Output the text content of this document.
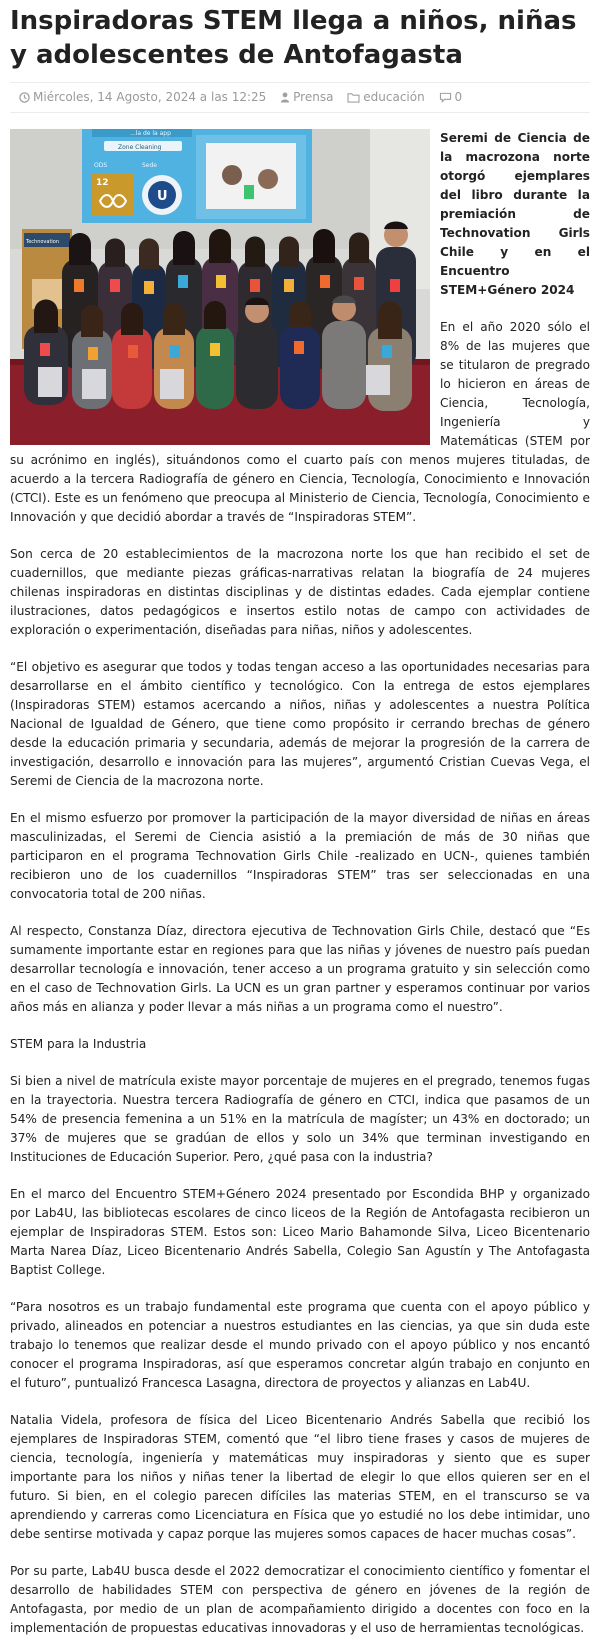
Inspiradoras STEM llega a niños, niñas y adolescentes de Antofagasta
Miércoles, 14 Agosto, 2024 a las 12:25 Prensa educación 0
...la de la app
Zone Cleaning
ODS	Sede
12
U
Technovation

Seremi de Ciencia de la macrozona norte otorgó ejemplares del libro durante la premiación de Technovation Girls Chile y en el Encuentro STEM+Género 2024

En el año 2020 sólo el 8% de las mujeres que se titularon de pregrado lo hicieron en áreas de Ciencia, Tecnología, Ingeniería y Matemáticas (STEM por su acrónimo en inglés), situándonos como el cuarto país con menos mujeres tituladas, de acuerdo a la tercera Radiografía de género en Ciencia, Tecnología, Conocimiento e Innovación (CTCI). Este es un fenómeno que preocupa al Ministerio de Ciencia, Tecnología, Conocimiento e Innovación y que decidió abordar a través de “Inspiradoras STEM”.

Son cerca de 20 establecimientos de la macrozona norte los que han recibido el set de cuadernillos, que mediante piezas gráficas-narrativas relatan la biografía de 24 mujeres chilenas inspiradoras en distintas disciplinas y de distintas edades. Cada ejemplar contiene ilustraciones, datos pedagógicos e insertos estilo notas de campo con actividades de exploración o experimentación, diseñadas para niñas, niños y adolescentes.

“El objetivo es asegurar que todos y todas tengan acceso a las oportunidades necesarias para desarrollarse en el ámbito científico y tecnológico. Con la entrega de estos ejemplares (Inspiradoras STEM) estamos acercando a niños, niñas y adolescentes a nuestra Política Nacional de Igualdad de Género, que tiene como propósito ir cerrando brechas de género desde la educación primaria y secundaria, además de mejorar la progresión de la carrera de investigación, desarrollo e innovación para las mujeres”, argumentó Cristian Cuevas Vega, el Seremi de Ciencia de la macrozona norte.

En el mismo esfuerzo por promover la participación de la mayor diversidad de niñas en áreas masculinizadas, el Seremi de Ciencia asistió a la premiación de más de 30 niñas que participaron en el programa Technovation Girls Chile -realizado en UCN-, quienes también recibieron uno de los cuadernillos “Inspiradoras STEM” tras ser seleccionadas en una convocatoria total de 200 niñas.

Al respecto, Constanza Díaz, directora ejecutiva de Technovation Girls Chile, destacó que “Es sumamente importante estar en regiones para que las niñas y jóvenes de nuestro país puedan desarrollar tecnología e innovación, tener acceso a un programa gratuito y sin selección como en el caso de Technovation Girls. La UCN es un gran partner y esperamos continuar por varios años más en alianza y poder llevar a más niñas a un programa como el nuestro”.

STEM para la Industria

Si bien a nivel de matrícula existe mayor porcentaje de mujeres en el pregrado, tenemos fugas en la trayectoria. Nuestra tercera Radiografía de género en CTCI, indica que pasamos de un 54% de presencia femenina a un 51% en la matrícula de magíster; un 43% en doctorado; un 37% de mujeres que se gradúan de ellos y solo un 34% que terminan investigando en Instituciones de Educación Superior. Pero, ¿qué pasa con la industria?

En el marco del Encuentro STEM+Género 2024 presentado por Escondida BHP y organizado por Lab4U, las bibliotecas escolares de cinco liceos de la Región de Antofagasta recibieron un ejemplar de Inspiradoras STEM. Estos son: Liceo Mario Bahamonde Silva, Liceo Bicentenario Marta Narea Díaz, Liceo Bicentenario Andrés Sabella, Colegio San Agustín y The Antofagasta Baptist College.

“Para nosotros es un trabajo fundamental este programa que cuenta con el apoyo público y privado, alineados en potenciar a nuestros estudiantes en las ciencias, ya que sin duda este trabajo lo tenemos que realizar desde el mundo privado con el apoyo público y nos encantó conocer el programa Inspiradoras, así que esperamos concretar algún trabajo en conjunto en el futuro”, puntualizó Francesca Lasagna, directora de proyectos y alianzas en Lab4U.

Natalia Videla, profesora de física del Liceo Bicentenario Andrés Sabella que recibió los ejemplares de Inspiradoras STEM, comentó que “el libro tiene frases y casos de mujeres de ciencia, tecnología, ingeniería y matemáticas muy inspiradoras y siento que es super importante para los niños y niñas tener la libertad de elegir lo que ellos quieren ser en el futuro. Si bien, en el colegio parecen difíciles las materias STEM, en el transcurso se va aprendiendo y carreras como Licenciatura en Física que yo estudié no los debe intimidar, uno debe sentirse motivada y capaz porque las mujeres somos capaces de hacer muchas cosas”.

Por su parte, Lab4U busca desde el 2022 democratizar el conocimiento científico y fomentar el desarrollo de habilidades STEM con perspectiva de género en jóvenes de la región de Antofagasta, por medio de un plan de acompañamiento dirigido a docentes con foco en la implementación de propuestas educativas innovadoras y el uso de herramientas tecnológicas.
